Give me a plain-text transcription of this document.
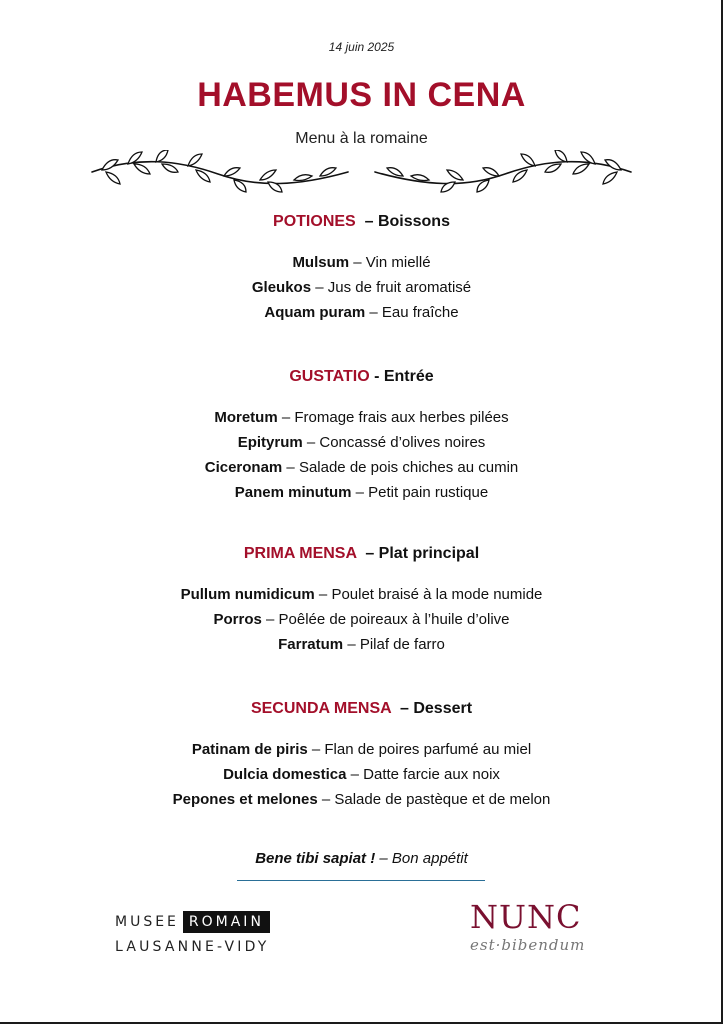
14 juin 2025
HABEMUS IN CENA
Menu à la romaine
POTIONES  – Boissons
Mulsum – Vin miellé
Gleukos – Jus de fruit aromatisé
Aquam puram – Eau fraîche
GUSTATIO - Entrée
Moretum – Fromage frais aux herbes pilées
Epityrum – Concassé d’olives noires
Ciceronam – Salade de pois chiches au cumin
Panem minutum – Petit pain rustique
PRIMA MENSA  – Plat principal
Pullum numidicum – Poulet braisé à la mode numide
Porros – Poêlée de poireaux à l’huile d’olive
Farratum – Pilaf de farro
SECUNDA MENSA  – Dessert
Patinam de piris – Flan de poires parfumé au miel
Dulcia domestica – Datte farcie aux noix
Pepones et melones – Salade de pastèque et de melon
Bene tibi sapiat ! – Bon appétit
MUSEE ROMAIN
LAUSANNE-VIDY
NUNC
est·bibendum
